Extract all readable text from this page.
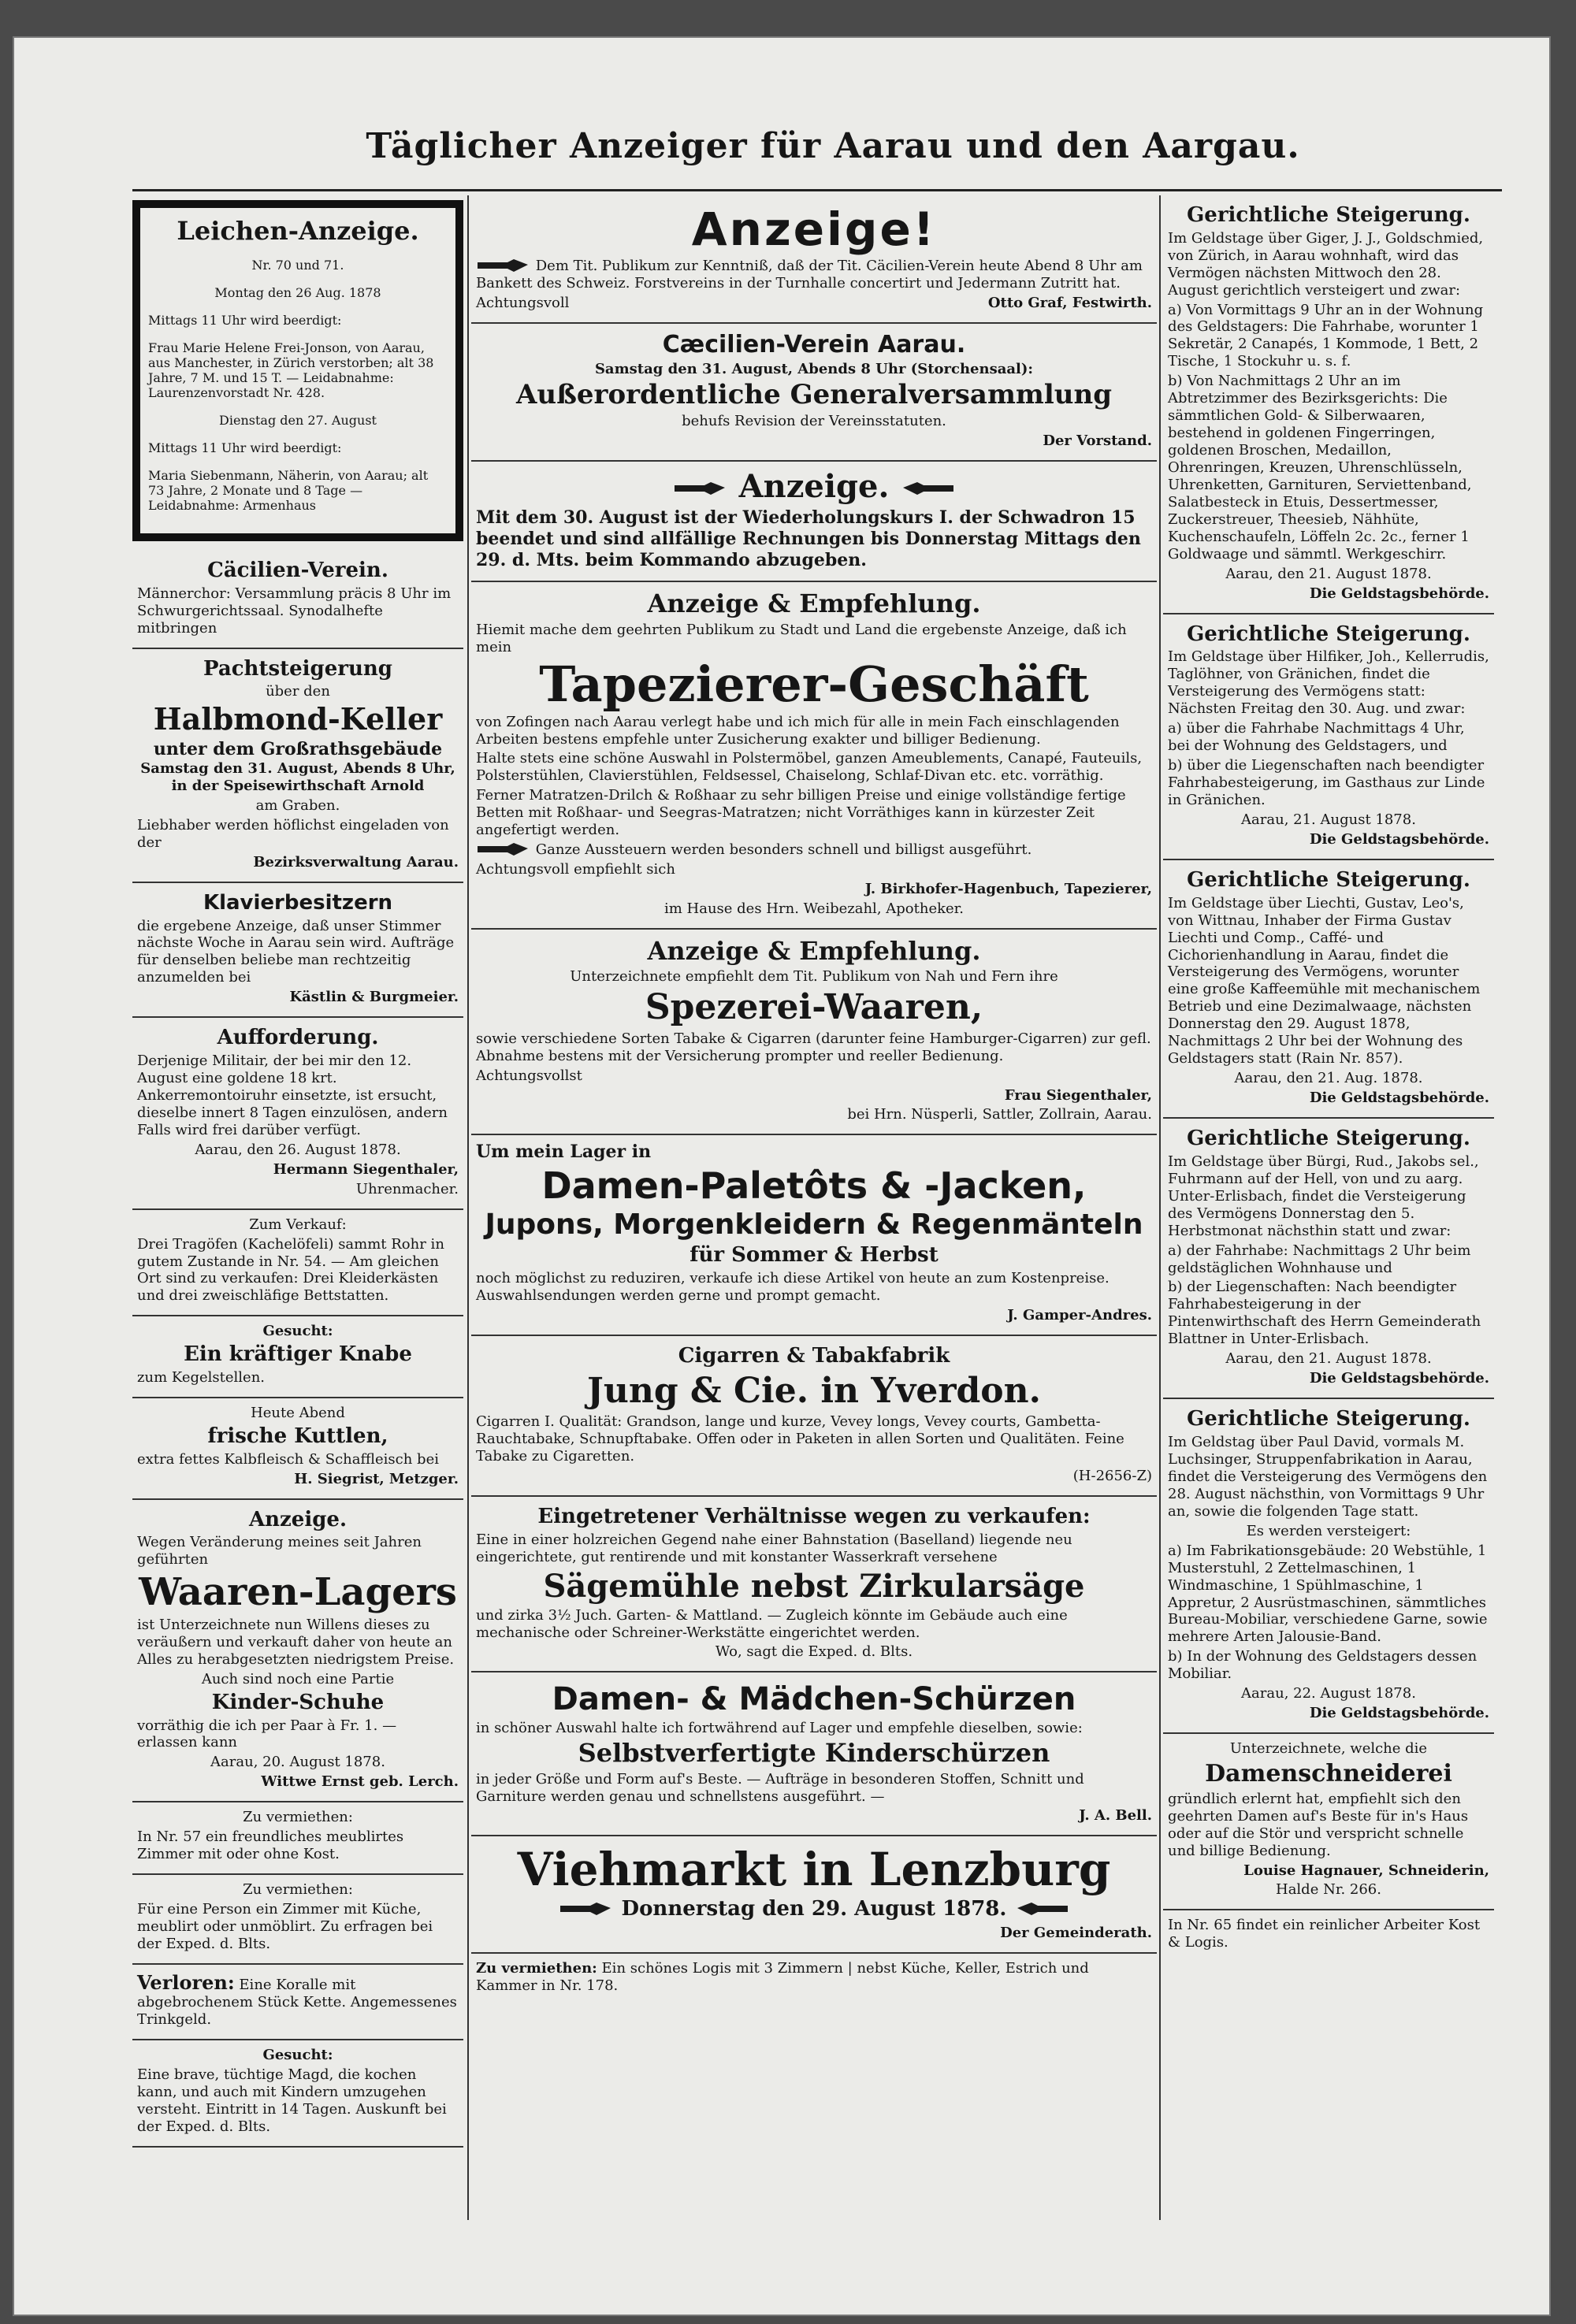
Täglicher Anzeiger für Aarau und den Aargau.
Leichen-Anzeige.

Nr. 70 und 71.

Montag den 26 Aug. 1878

Mittags 11 Uhr wird beerdigt:

Frau Marie Helene Frei-Jonson, von Aarau, aus Manchester, in Zürich verstorben; alt 38 Jahre, 7 M. und 15 T. — Leidabnahme: Laurenzenvorstadt Nr. 428.

Dienstag den 27. August

Mittags 11 Uhr wird beerdigt:

Maria Siebenmann, Näherin, von Aarau; alt 73 Jahre, 2 Monate und 8 Tage — Leidabnahme: Armenhaus

Cäcilien-Verein.

Männerchor: Versammlung präcis 8 Uhr im Schwurgerichtssaal. Synodalhefte mitbringen

Pachtsteigerung

über den

Halbmond-Keller
unter dem Großrathsgebäude

Samstag den 31. August, Abends 8 Uhr, in der Speisewirthschaft Arnold

am Graben.

Liebhaber werden höflichst eingeladen von der

Bezirksverwaltung Aarau.

Klavierbesitzern

die ergebene Anzeige, daß unser Stimmer nächste Woche in Aarau sein wird. Aufträge für denselben beliebe man rechtzeitig anzumelden bei

Kästlin & Burgmeier.

Aufforderung.

Derjenige Militair, der bei mir den 12. August eine goldene 18 krt. Ankerremontoiruhr einsetzte, ist ersucht, dieselbe innert 8 Tagen einzulösen, andern Falls wird frei darüber verfügt.

Aarau, den 26. August 1878.

Hermann Siegenthaler,

Uhrenmacher.

Zum Verkauf:

Drei Tragöfen (Kachelöfeli) sammt Rohr in gutem Zustande in Nr. 54. — Am gleichen Ort sind zu verkaufen: Drei Kleiderkästen und drei zweischläfige Bettstatten.

Gesucht:

Ein kräftiger Knabe

zum Kegelstellen.

Heute Abend

frische Kuttlen,

extra fettes Kalbfleisch & Schaffleisch bei

H. Siegrist, Metzger.

Anzeige.

Wegen Veränderung meines seit Jahren geführten

Waaren-Lagers

ist Unterzeichnete nun Willens dieses zu veräußern und verkauft daher von heute an Alles zu herabgesetzten niedrigstem Preise.

Auch sind noch eine Partie

Kinder-Schuhe

vorräthig die ich per Paar à Fr. 1. — erlassen kann

Aarau, 20. August 1878.

Wittwe Ernst geb. Lerch.

Zu vermiethen:

In Nr. 57 ein freundliches meublirtes Zimmer mit oder ohne Kost.

Zu vermiethen:

Für eine Person ein Zimmer mit Küche, meublirt oder unmöblirt. Zu erfragen bei der Exped. d. Blts.

Verloren: Eine Koralle mit abgebrochenem Stück Kette. Angemessenes Trinkgeld.

Gesucht:

Eine brave, tüchtige Magd, die kochen kann, und auch mit Kindern umzugehen versteht. Eintritt in 14 Tagen. Auskunft bei der Exped. d. Blts.

Anzeige!

Dem Tit. Publikum zur Kenntniß, daß der Tit. Cäcilien-Verein heute Abend 8 Uhr am Bankett des Schweiz. Forstvereins in der Turnhalle concertirt und Jedermann Zutritt hat.

Achtungsvoll	Otto Graf, Festwirth.

Cæcilien-Verein Aarau.

Samstag den 31. August, Abends 8 Uhr (Storchensaal):

Außerordentliche Generalversammlung

behufs Revision der Vereinsstatuten.

Der Vorstand.

Anzeige.

Mit dem 30. August ist der Wiederholungskurs I. der Schwadron 15 beendet und sind allfällige Rechnungen bis Donnerstag Mittags den 29. d. Mts. beim Kommando abzugeben.

Anzeige & Empfehlung.

Hiemit mache dem geehrten Publikum zu Stadt und Land die ergebenste Anzeige, daß ich mein

Tapezierer-Geschäft

von Zofingen nach Aarau verlegt habe und ich mich für alle in mein Fach einschlagenden Arbeiten bestens empfehle unter Zusicherung exakter und billiger Bedienung.

Halte stets eine schöne Auswahl in Polstermöbel, ganzen Ameublements, Canapé, Fauteuils, Polsterstühlen, Clavierstühlen, Feldsessel, Chaiselong, Schlaf-Divan etc. etc. vorräthig.

Ferner Matratzen-Drilch & Roßhaar zu sehr billigen Preise und einige vollständige fertige Betten mit Roßhaar- und Seegras-Matratzen; nicht Vorräthiges kann in kürzester Zeit angefertigt werden.

Ganze Aussteuern werden besonders schnell und billigst ausgeführt.

Achtungsvoll empfiehlt sich

J. Birkhofer-Hagenbuch, Tapezierer,

im Hause des Hrn. Weibezahl, Apotheker.

Anzeige & Empfehlung.

Unterzeichnete empfiehlt dem Tit. Publikum von Nah und Fern ihre

Spezerei-Waaren,

sowie verschiedene Sorten Tabake & Cigarren (darunter feine Hamburger-Cigarren) zur gefl. Abnahme bestens mit der Versicherung prompter und reeller Bedienung.

Achtungsvollst

Frau Siegenthaler,

bei Hrn. Nüsperli, Sattler, Zollrain, Aarau.

Um mein Lager in

Damen-Paletôts & -Jacken,
Jupons, Morgenkleidern & Regenmänteln
für Sommer & Herbst

noch möglichst zu reduziren, verkaufe ich diese Artikel von heute an zum Kostenpreise. Auswahlsendungen werden gerne und prompt gemacht.

J. Gamper-Andres.

Cigarren & Tabakfabrik
Jung & Cie. in Yverdon.

Cigarren I. Qualität: Grandson, lange und kurze, Vevey longs, Vevey courts, Gambetta-Rauchtabake, Schnupftabake. Offen oder in Paketen in allen Sorten und Qualitäten. Feine Tabake zu Cigaretten.

(H-2656-Z)

Eingetretener Verhältnisse wegen zu verkaufen:

Eine in einer holzreichen Gegend nahe einer Bahnstation (Baselland) liegende neu eingerichtete, gut rentirende und mit konstanter Wasserkraft versehene

Sägemühle nebst Zirkularsäge

und zirka 3½ Juch. Garten- & Mattland. — Zugleich könnte im Gebäude auch eine mechanische oder Schreiner-Werkstätte eingerichtet werden.

Wo, sagt die Exped. d. Blts.

Damen- & Mädchen-Schürzen

in schöner Auswahl halte ich fortwährend auf Lager und empfehle dieselben, sowie:

Selbstverfertigte Kinderschürzen

in jeder Größe und Form auf's Beste. — Aufträge in besonderen Stoffen, Schnitt und Garniture werden genau und schnellstens ausgeführt. —

J. A. Bell.

Viehmarkt in Lenzburg

Donnerstag den 29. August 1878.

Der Gemeinderath.

Zu vermiethen: Ein schönes Logis mit 3 Zimmern | nebst Küche, Keller, Estrich und Kammer in Nr. 178.

Gerichtliche Steigerung.

Im Geldstage über Giger, J. J., Goldschmied, von Zürich, in Aarau wohnhaft, wird das Vermögen nächsten Mittwoch den 28. August gerichtlich versteigert und zwar:

a) Von Vormittags 9 Uhr an in der Wohnung des Geldstagers: Die Fahrhabe, worunter 1 Sekretär, 2 Canapés, 1 Kommode, 1 Bett, 2 Tische, 1 Stockuhr u. s. f.

b) Von Nachmittags 2 Uhr an im Abtretzimmer des Bezirksgerichts: Die sämmtlichen Gold- & Silberwaaren, bestehend in goldenen Fingerringen, goldenen Broschen, Medaillon, Ohrenringen, Kreuzen, Uhrenschlüsseln, Uhrenketten, Garnituren, Serviettenband, Salatbesteck in Etuis, Dessertmesser, Zuckerstreuer, Theesieb, Nähhüte, Kuchenschaufeln, Löffeln 2c. 2c., ferner 1 Goldwaage und sämmtl. Werkgeschirr.

Aarau, den 21. August 1878.

Die Geldstagsbehörde.

Gerichtliche Steigerung.

Im Geldstage über Hilfiker, Joh., Kellerrudis, Taglöhner, von Gränichen, findet die Versteigerung des Vermögens statt: Nächsten Freitag den 30. Aug. und zwar:

a) über die Fahrhabe Nachmittags 4 Uhr, bei der Wohnung des Geldstagers, und

b) über die Liegenschaften nach beendigter Fahrhabesteigerung, im Gasthaus zur Linde in Gränichen.

Aarau, 21. August 1878.

Die Geldstagsbehörde.

Gerichtliche Steigerung.

Im Geldstage über Liechti, Gustav, Leo's, von Wittnau, Inhaber der Firma Gustav Liechti und Comp., Caffé- und Cichorienhandlung in Aarau, findet die Versteigerung des Vermögens, worunter eine große Kaffeemühle mit mechanischem Betrieb und eine Dezimalwaage, nächsten Donnerstag den 29. August 1878, Nachmittags 2 Uhr bei der Wohnung des Geldstagers statt (Rain Nr. 857).

Aarau, den 21. Aug. 1878.

Die Geldstagsbehörde.

Gerichtliche Steigerung.

Im Geldstage über Bürgi, Rud., Jakobs sel., Fuhrmann auf der Hell, von und zu aarg. Unter-Erlisbach, findet die Versteigerung des Vermögens Donnerstag den 5. Herbstmonat nächsthin statt und zwar:

a) der Fahrhabe: Nachmittags 2 Uhr beim geldstäglichen Wohnhause und

b) der Liegenschaften: Nach beendigter Fahrhabesteigerung in der Pintenwirthschaft des Herrn Gemeinderath Blattner in Unter-Erlisbach.

Aarau, den 21. August 1878.

Die Geldstagsbehörde.

Gerichtliche Steigerung.

Im Geldstag über Paul David, vormals M. Luchsinger, Struppenfabrikation in Aarau, findet die Versteigerung des Vermögens den 28. August nächsthin, von Vormittags 9 Uhr an, sowie die folgenden Tage statt.

Es werden versteigert:

a) Im Fabrikationsgebäude: 20 Webstühle, 1 Musterstuhl, 2 Zettelmaschinen, 1 Windmaschine, 1 Spühlmaschine, 1 Appretur, 2 Ausrüstmaschinen, sämmtliches Bureau-Mobiliar, verschiedene Garne, sowie mehrere Arten Jalousie-Band.

b) In der Wohnung des Geldstagers dessen Mobiliar.

Aarau, 22. August 1878.

Die Geldstagsbehörde.

Unterzeichnete, welche die

Damenschneiderei

gründlich erlernt hat, empfiehlt sich den geehrten Damen auf's Beste für in's Haus oder auf die Stör und verspricht schnelle und billige Bedienung.

Louise Hagnauer, Schneiderin,

Halde Nr. 266.

In Nr. 65 findet ein reinlicher Arbeiter Kost & Logis.
